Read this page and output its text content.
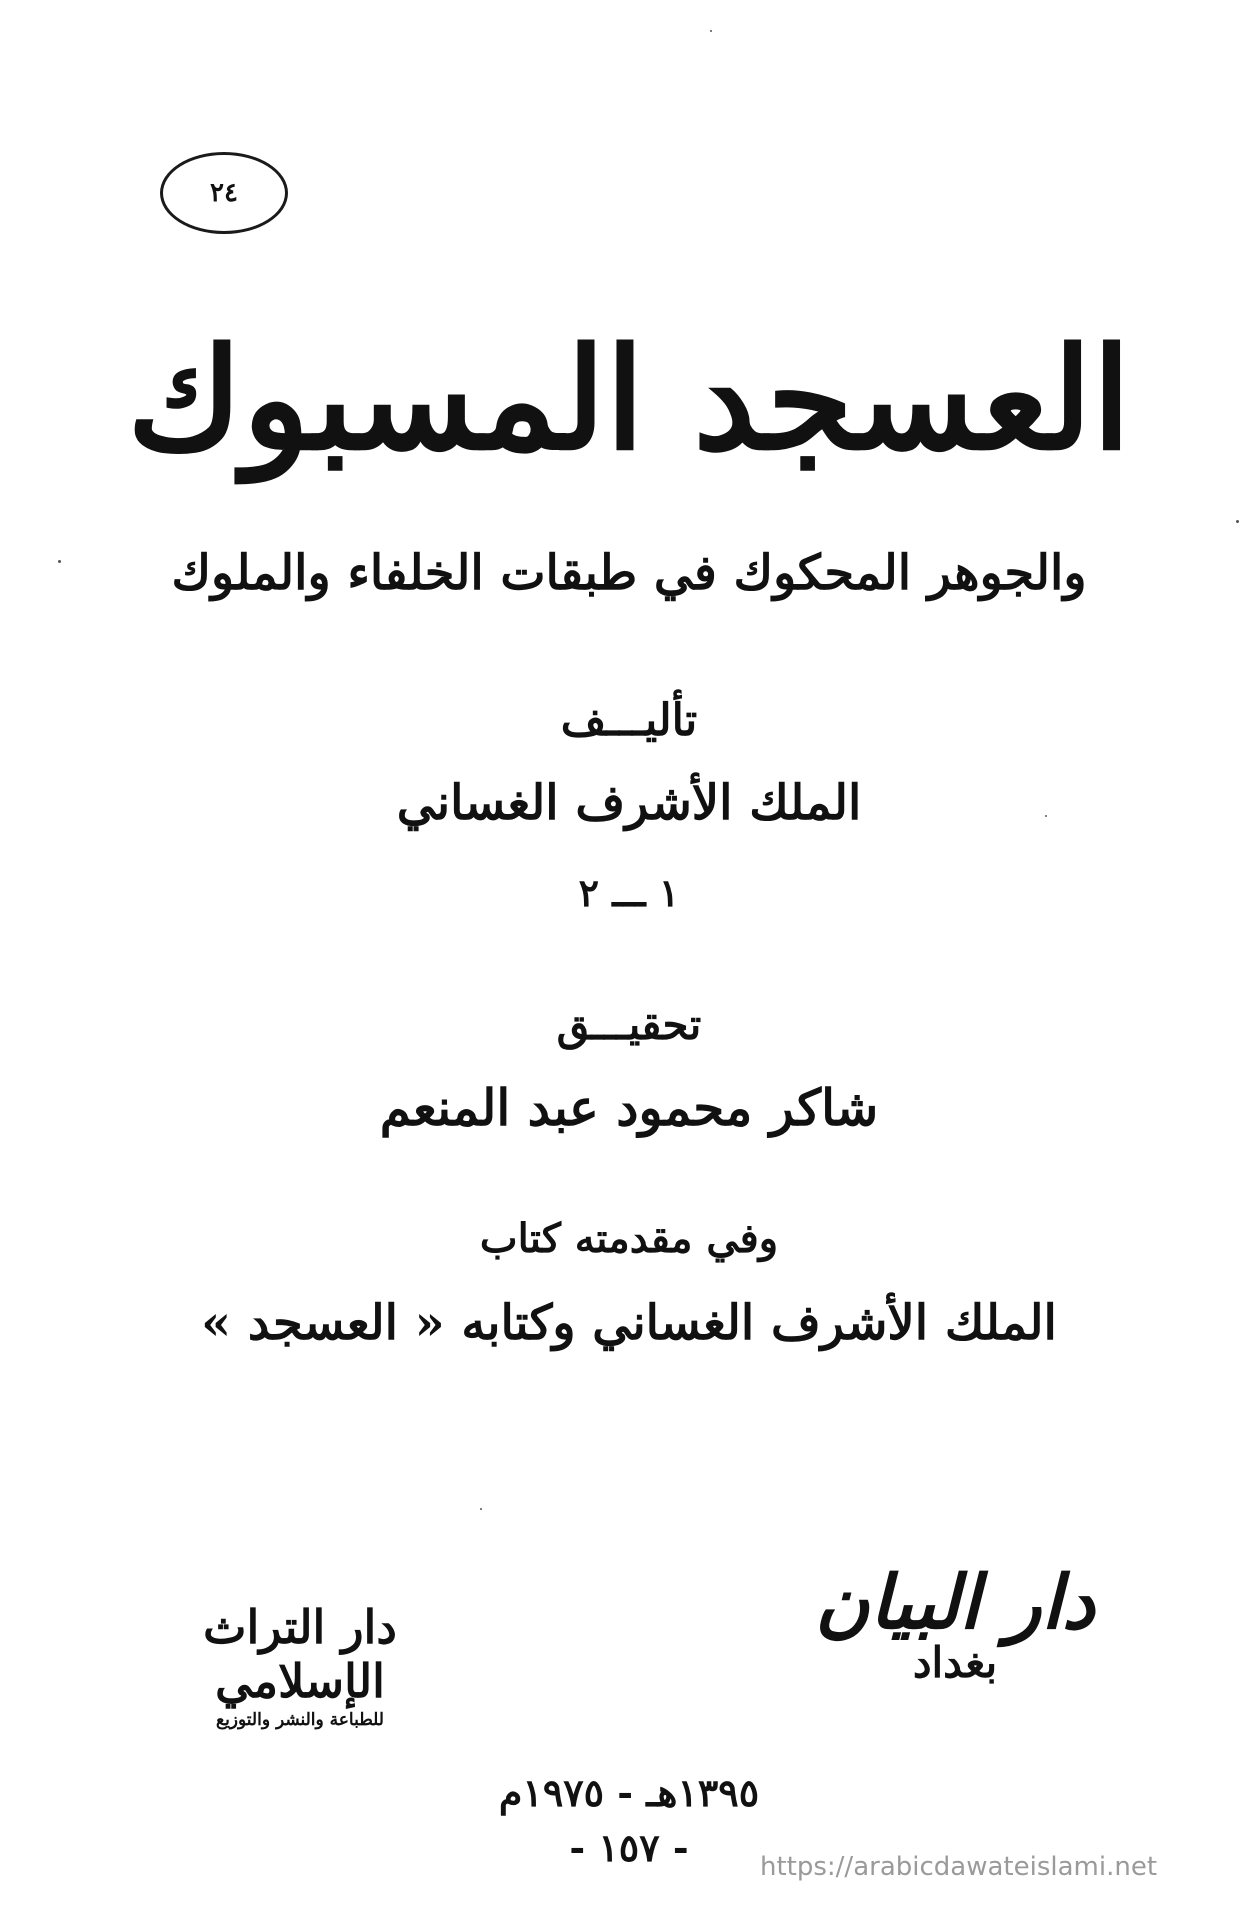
٢٤
العسجد المسبوك
والجوهر المحكوك في طبقات الخلفاء والملوك
تأليـــف
الملك الأشرف الغساني
١ ـــ ٢
تحقيـــق
شاكر محمود عبد المنعم
وفي مقدمته كتاب
الملك الأشرف الغساني وكتابه « العسجد »
دار البيان
بغداد
دار التراث الإسلامي
للطباعة والنشر والتوزيع
١٣٩٥هـ - ١٩٧٥م
- ١٥٧ -	https://arabicdawateislami.net
